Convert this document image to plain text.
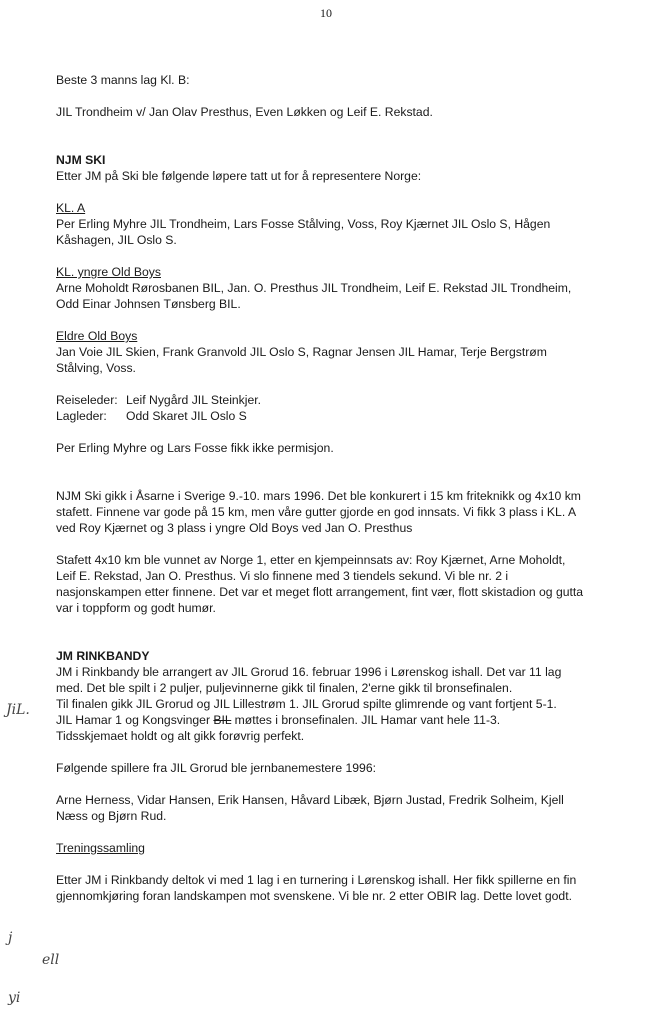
10

Beste 3 manns lag Kl. B:

JIL Trondheim v/ Jan Olav Presthus, Even Løkken og Leif E. Rekstad.

NJM SKI

Etter JM på Ski ble følgende løpere tatt ut for å representere Norge:

KL. A

Per Erling Myhre JIL Trondheim, Lars Fosse Stålving, Voss, Roy Kjærnet JIL Oslo S, Hågen

Kåshagen, JIL Oslo S.

KL. yngre Old Boys

Arne Moholdt Rørosbanen BIL, Jan. O. Presthus JIL Trondheim, Leif E. Rekstad JIL Trondheim,

Odd Einar Johnsen Tønsberg BIL.

Eldre Old Boys

Jan Voie JIL Skien, Frank Granvold JIL Oslo S, Ragnar Jensen JIL Hamar, Terje Bergstrøm

Stålving, Voss.

Reiseleder: Leif Nygård JIL Steinkjer.

Lagleder: Odd Skaret JIL Oslo S

Per Erling Myhre og Lars Fosse fikk ikke permisjon.

NJM Ski gikk i Åsarne i Sverige 9.-10. mars 1996. Det ble konkurert i 15 km friteknikk og 4x10 km

stafett. Finnene var gode på 15 km, men våre gutter gjorde en god innsats. Vi fikk 3 plass i KL. A

ved Roy Kjærnet og 3 plass i yngre Old Boys ved Jan O. Presthus

Stafett 4x10 km ble vunnet av Norge 1, etter en kjempeinnsats av: Roy Kjærnet, Arne Moholdt,

Leif E. Rekstad, Jan O. Presthus. Vi slo finnene med 3 tiendels sekund. Vi ble nr. 2 i

nasjonskampen etter finnene. Det var et meget flott arrangement, fint vær, flott skistadion og gutta

var i toppform og godt humør.

JM RINKBANDY

JM i Rinkbandy ble arrangert av JIL Grorud 16. februar 1996 i Lørenskog ishall. Det var 11 lag

med. Det ble spilt i 2 puljer, puljevinnerne gikk til finalen, 2'erne gikk til bronsefinalen.

Til finalen gikk JIL Grorud og JIL Lillestrøm 1. JIL Grorud spilte glimrende og vant fortjent 5-1.

JIL Hamar 1 og Kongsvinger BIL møttes i bronsefinalen. JIL Hamar vant hele 11-3.

Tidsskjemaet holdt og alt gikk forøvrig perfekt.

Følgende spillere fra JIL Grorud ble jernbanemestere 1996:

Arne Herness, Vidar Hansen, Erik Hansen, Håvard Libæk, Bjørn Justad, Fredrik Solheim, Kjell

Næss og Bjørn Rud.

Treningssamling

Etter JM i Rinkbandy deltok vi med 1 lag i en turnering i Lørenskog ishall. Her fikk spillerne en fin

gjennomkjøring foran landskampen mot svenskene. Vi ble nr. 2 etter OBIR lag. Dette lovet godt.

JiL.
j
ell
yi
